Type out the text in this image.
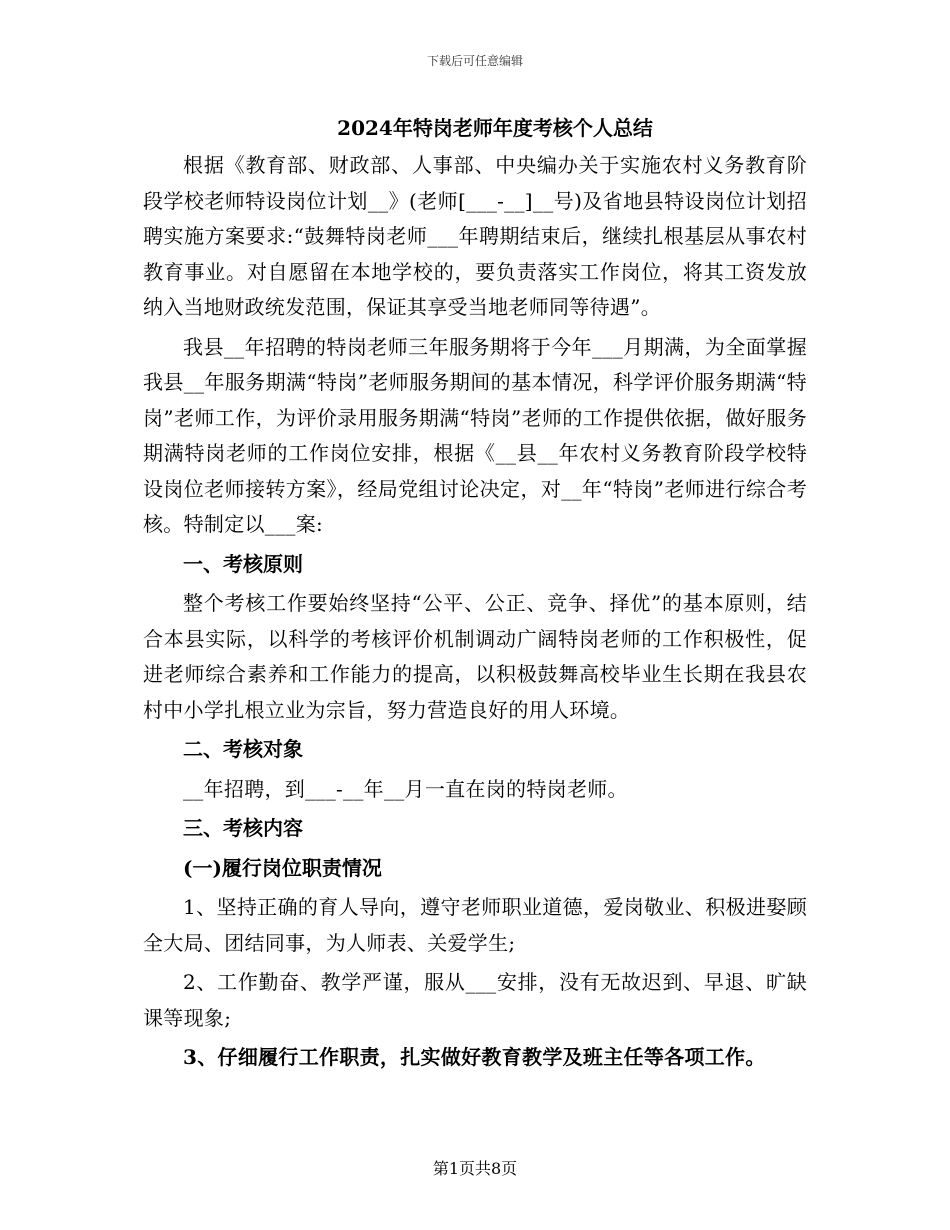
下载后可任意编辑
2024年特岗老师年度考核个人总结

根据《教育部、财政部、人事部、中央编办关于实施农村义务教育阶段学校老师特设岗位计划__》(老师[___-__]__号)及省地县特设岗位计划招聘实施方案要求:“鼓舞特岗老师___年聘期结束后，继续扎根基层从事农村教育事业。对自愿留在本地学校的，要负责落实工作岗位，将其工资发放纳入当地财政统发范围，保证其享受当地老师同等待遇”。

我县__年招聘的特岗老师三年服务期将于今年___月期满，为全面掌握我县__年服务期满“特岗”老师服务期间的基本情况，科学评价服务期满“特岗”老师工作，为评价录用服务期满“特岗”老师的工作提供依据，做好服务期满特岗老师的工作岗位安排，根据《__县__年农村义务教育阶段学校特设岗位老师接转方案》，经局党组讨论决定，对__年“特岗”老师进行综合考核。特制定以___案:

一、考核原则

整个考核工作要始终坚持“公平、公正、竞争、择优”的基本原则，结合本县实际，以科学的考核评价机制调动广阔特岗老师的工作积极性，促进老师综合素养和工作能力的提高，以积极鼓舞高校毕业生长期在我县农村中小学扎根立业为宗旨，努力营造良好的用人环境。

二、考核对象

__年招聘，到___-__年__月一直在岗的特岗老师。

三、考核内容

(一)履行岗位职责情况

1、坚持正确的育人导向，遵守老师职业道德，爱岗敬业、积极进娶顾全大局、团结同事，为人师表、关爱学生;

2、工作勤奋、教学严谨，服从___安排，没有无故迟到、早退、旷缺课等现象;

3、仔细履行工作职责，扎实做好教育教学及班主任等各项工作。

第1页共8页
